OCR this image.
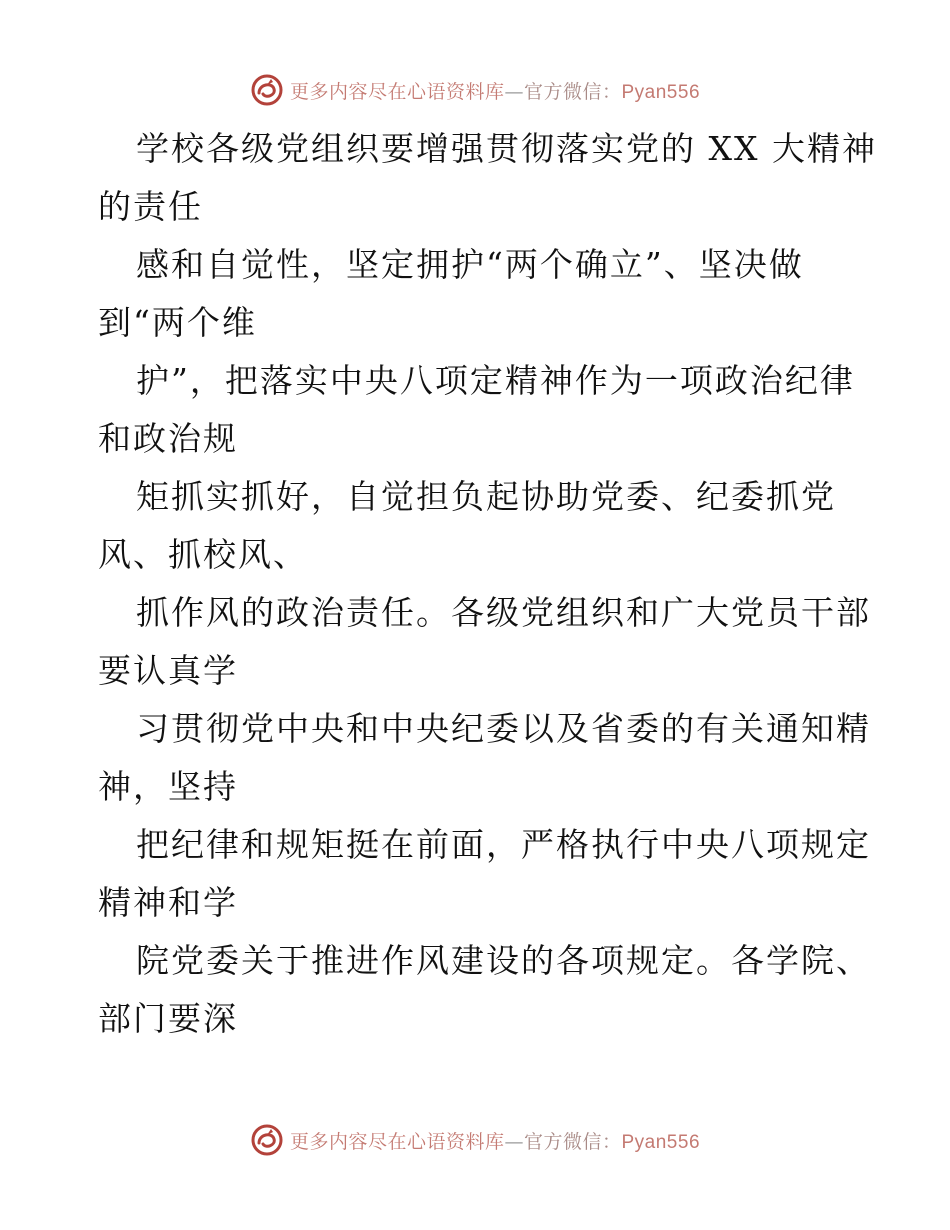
更多内容尽在心语资料库—官方微信：Pyan556
学校各级党组织要增强贯彻落实党的 XX 大精神
的责任
感和自觉性，坚定拥护“两个确立”、坚决做
到“两个维
护”，把落实中央八项定精神作为一项政治纪律
和政治规
矩抓实抓好，自觉担负起协助党委、纪委抓党
风、抓校风、
抓作风的政治责任。各级党组织和广大党员干部
要认真学
习贯彻党中央和中央纪委以及省委的有关通知精
神，坚持
把纪律和规矩挺在前面，严格执行中央八项规定
精神和学
院党委关于推进作风建设的各项规定。各学院、
部门要深
更多内容尽在心语资料库—官方微信：Pyan556
